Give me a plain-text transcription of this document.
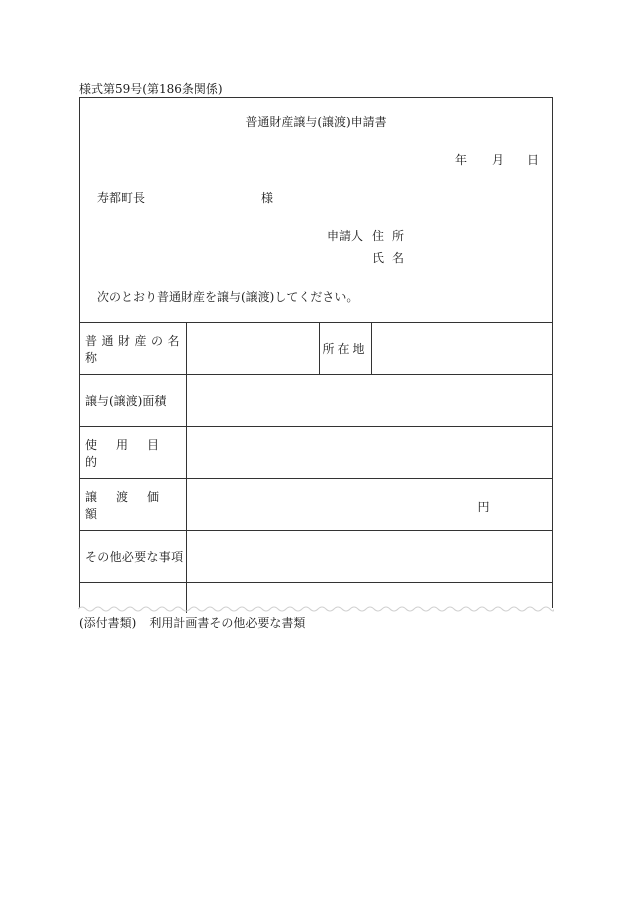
様式第59号(第186条関係)
普通財産譲与(譲渡)申請書
年 月 日
寿都町長	様
申請人 住所
氏名
次のとおり普通財産を譲与(譲渡)してください。
普通財産の名称		所在地	
譲与(譲渡)面積			
使用目的			
譲渡価額	円		

その他必要な事項			

(添付書類) 利用計画書その他必要な書類
